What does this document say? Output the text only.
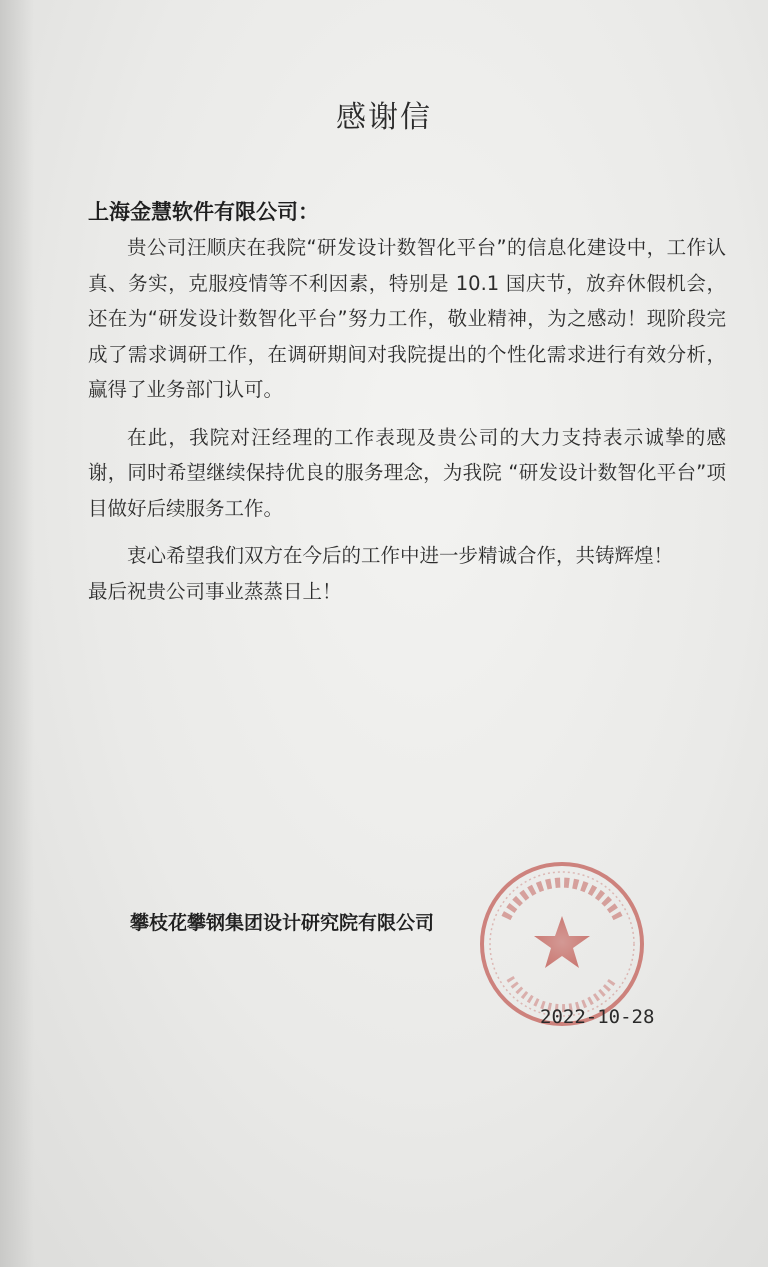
感谢信
上海金慧软件有限公司：

贵公司汪顺庆在我院“研发设计数智化平台”的信息化建设中，工作认真、务实，克服疫情等不利因素，特别是 10.1 国庆节，放弃休假机会，还在为“研发设计数智化平台”努力工作，敬业精神，为之感动！现阶段完成了需求调研工作，在调研期间对我院提出的个性化需求进行有效分析，赢得了业务部门认可。

在此，我院对汪经理的工作表现及贵公司的大力支持表示诚挚的感谢，同时希望继续保持优良的服务理念，为我院 “研发设计数智化平台”项目做好后续服务工作。

衷心希望我们双方在今后的工作中进一步精诚合作，共铸辉煌！

最后祝贵公司事业蒸蒸日上！

攀枝花攀钢集团设计研究院有限公司
2022-10-28
